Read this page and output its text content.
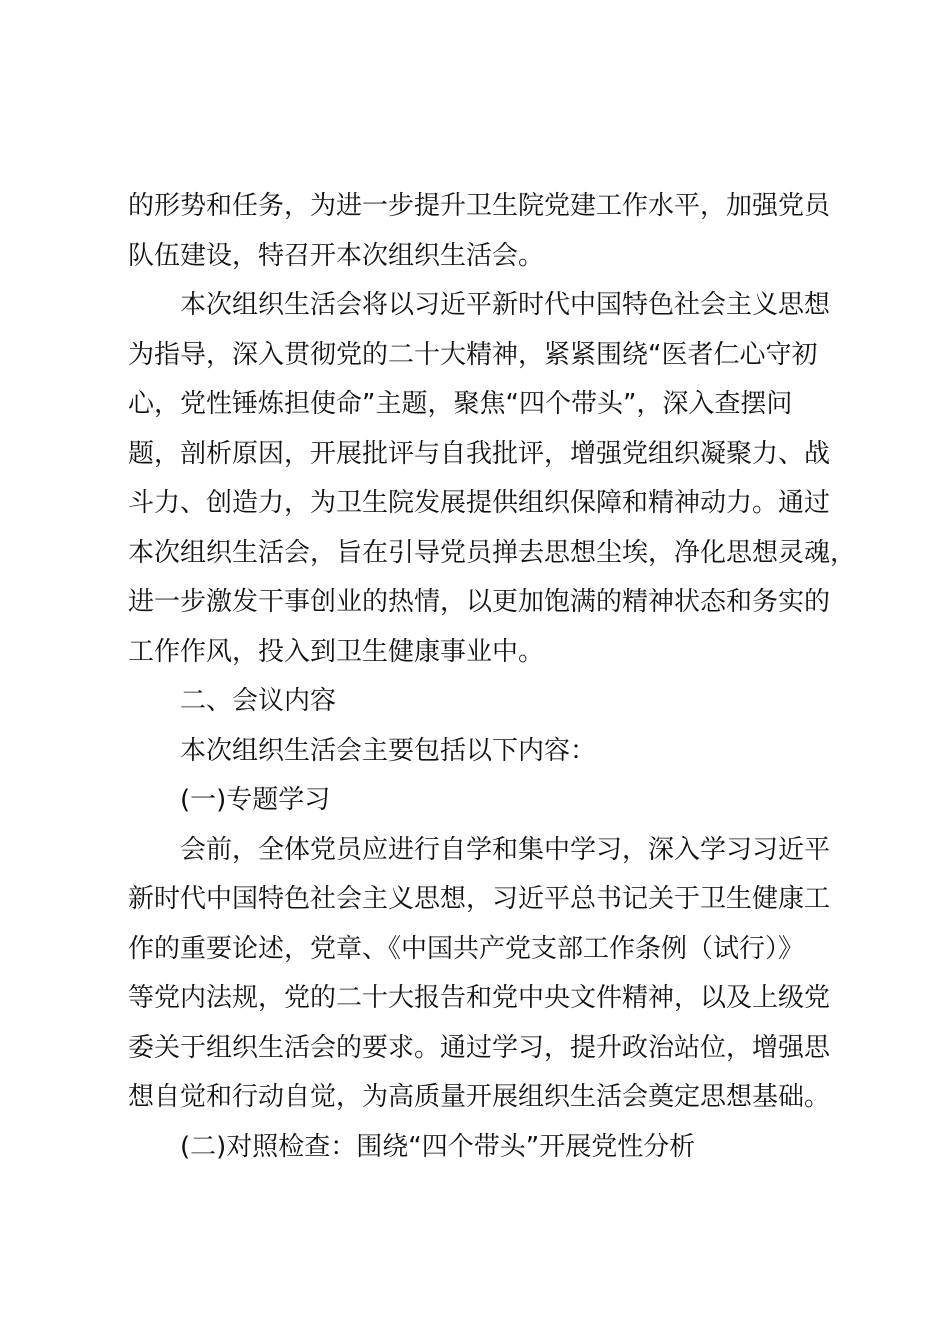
的形势和任务，为进一步提升卫生院党建工作水平，加强党员
队伍建设，特召开本次组织生活会。
本次组织生活会将以习近平新时代中国特色社会主义思想
为指导，深入贯彻党的二十大精神，紧紧围绕“医者仁心守初
心，党性锤炼担使命”主题，聚焦“四个带头”，深入查摆问
题，剖析原因，开展批评与自我批评，增强党组织凝聚力、战
斗力、创造力，为卫生院发展提供组织保障和精神动力。通过
本次组织生活会，旨在引导党员掸去思想尘埃，净化思想灵魂，
进一步激发干事创业的热情，以更加饱满的精神状态和务实的
工作作风，投入到卫生健康事业中。
二、会议内容
本次组织生活会主要包括以下内容：
(一)专题学习
会前，全体党员应进行自学和集中学习，深入学习习近平
新时代中国特色社会主义思想，习近平总书记关于卫生健康工
作的重要论述，党章、《中国共产党支部工作条例（试行）》
等党内法规，党的二十大报告和党中央文件精神，以及上级党
委关于组织生活会的要求。通过学习，提升政治站位，增强思
想自觉和行动自觉，为高质量开展组织生活会奠定思想基础。
(二)对照检查：围绕“四个带头”开展党性分析
